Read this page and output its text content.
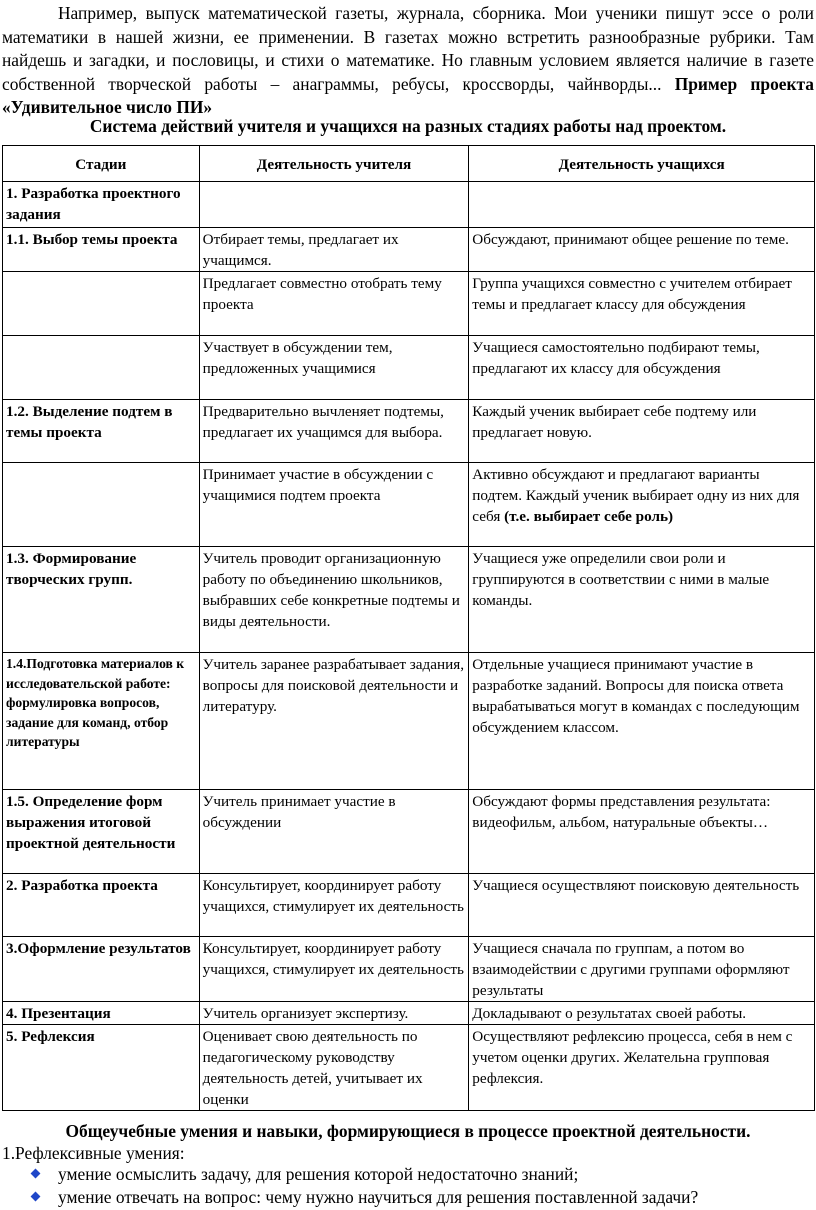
Например, выпуск математической газеты, журнала, сборника. Мои ученики пишут эссе о роли математики в нашей жизни, ее применении. В газетах можно встретить разнообразные рубрики. Там найдешь и загадки, и пословицы, и стихи о математике. Но главным условием является наличие в газете собственной творческой работы – анаграммы, ребусы, кроссворды, чайнворды... Пример проекта «Удивительное число ПИ»

Система действий учителя и учащихся на разных стадиях работы над проектом.

Стадии	Деятельность учителя	Деятельность учащихся
1. Разработка проектного задания		
1.1. Выбор темы проекта	Отбирает темы, предлагает их учащимся.	Обсуждают, принимают общее решение по теме.
	Предлагает совместно отобрать тему проекта	Группа учащихся совместно с учителем отбирает темы и предлагает классу для обсуждения
	Участвует в обсуждении тем, предложенных учащимися	Учащиеся самостоятельно подбирают темы, предлагают их классу для обсуждения
1.2. Выделение подтем в темы проекта	Предварительно вычленяет подтемы, предлагает их учащимся для выбора.	Каждый ученик выбирает себе подтему или предлагает новую.
	Принимает участие в обсуждении с учащимися подтем проекта	Активно обсуждают и предлагают варианты подтем. Каждый ученик выбирает одну из них для себя (т.е. выбирает себе роль)
1.3. Формирование творческих групп.	Учитель проводит организационную работу по объединению школьников, выбравших себе конкретные подтемы и виды деятельности.	Учащиеся уже определили свои роли и группируются в соответствии с ними в малые команды.
1.4.Подготовка материалов к исследовательской работе: формулировка вопросов, задание для команд, отбор литературы	Учитель заранее разрабатывает задания, вопросы для поисковой деятельности и литературу.	Отдельные учащиеся принимают участие в разработке заданий. Вопросы для поиска ответа вырабатываться могут в командах с последующим обсуждением классом.
1.5. Определение форм выражения итоговой проектной деятельности	Учитель принимает участие в обсуждении	Обсуждают формы представления результата: видеофильм, альбом, натуральные объекты…
2. Разработка проекта	Консультирует, координирует работу учащихся, стимулирует их деятельность	Учащиеся осуществляют поисковую деятельность
3.Оформление результатов	Консультирует, координирует работу учащихся, стимулирует их деятельность	Учащиеся сначала по группам, а потом во взаимодействии с другими группами оформляют результаты
4. Презентация	Учитель организует экспертизу.	Докладывают о результатах своей работы.
5. Рефлексия	Оценивает свою деятельность по педагогическому руководству деятельность детей, учитывает их оценки	Осуществляют рефлексию процесса, себя в нем с учетом оценки других. Желательна групповая рефлексия.

Общеучебные умения и навыки, формирующиеся в процессе проектной деятельности.

1.Рефлексивные умения:

умение осмыслить задачу, для решения которой недостаточно знаний;
умение отвечать на вопрос: чему нужно научиться для решения поставленной задачи?
